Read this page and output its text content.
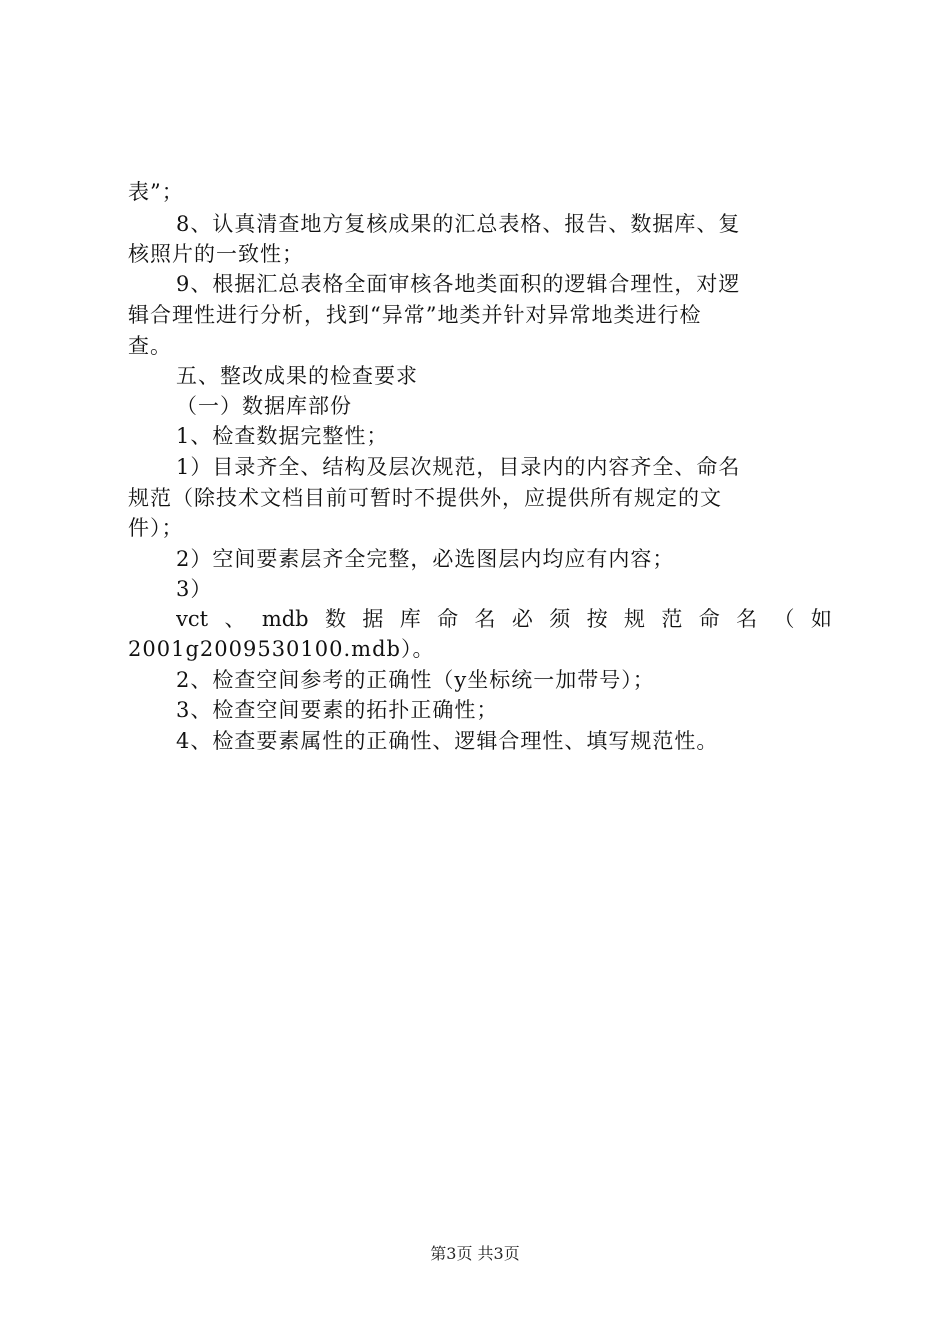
表”；
8、认真清查地方复核成果的汇总表格、报告、数据库、复
核照片的一致性；
9、根据汇总表格全面审核各地类面积的逻辑合理性，对逻
辑合理性进行分析，找到“异常”地类并针对异常地类进行检
查。
五、整改成果的检查要求
（一）数据库部份
1、检查数据完整性；
1）目录齐全、结构及层次规范，目录内的内容齐全、命名
规范（除技术文档目前可暂时不提供外，应提供所有规定的文
件）；
2）空间要素层齐全完整，必选图层内均应有内容；
3）
vct 、 mdb 数 据 库 命 名 必 须 按 规 范 命 名 （ 如
2001g2009530100.mdb）。
2、检查空间参考的正确性（y坐标统一加带号）；
3、检查空间要素的拓扑正确性；
4、检查要素属性的正确性、逻辑合理性、填写规范性。
第3页 共3页
